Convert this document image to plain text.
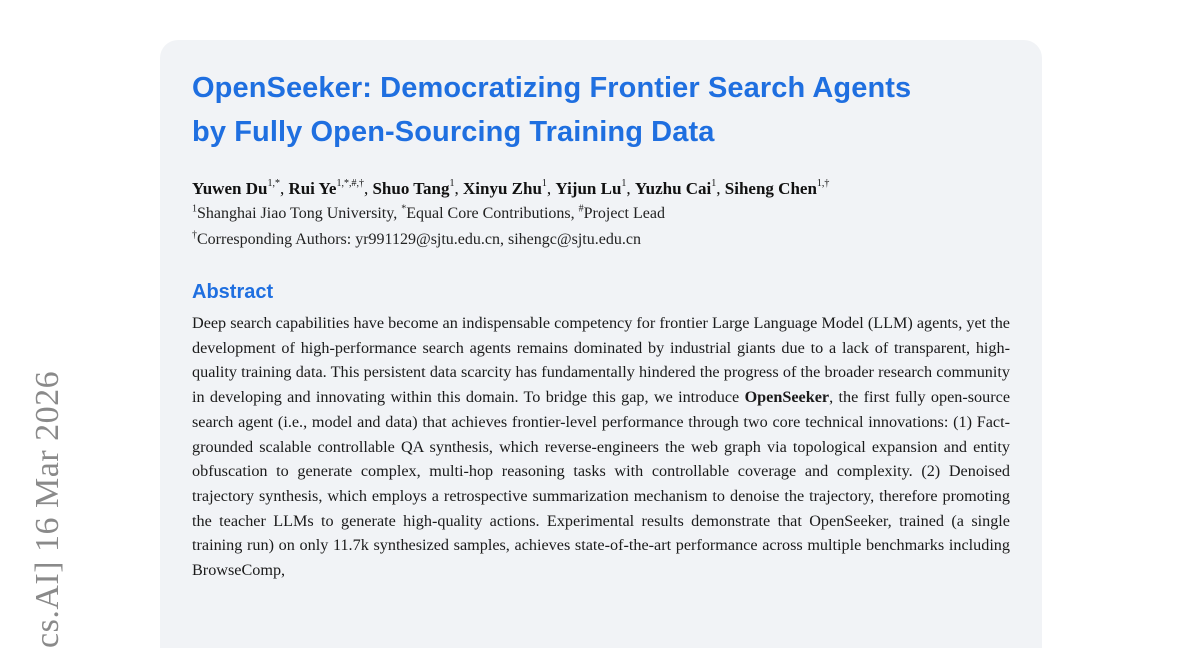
cs.AI] 16 Mar 2026
OpenSeeker: Democratizing Frontier Search Agents
by Fully Open-Sourcing Training Data
Yuwen $Du^{1,*}$, Rui $Ye^{1,*,\#,\dagger}$, Shuo Tang$^1$, Xinyu Zhu$^1$, Yijun Lu$^1$, Yuzhu Cai$^1$, Siheng Chen$^{1,\dagger}$
$^1$Shanghai Jiao Tong University, *Equal Core Contributions, #Project Lead
†Corresponding Authors: yr991129@sjtu.edu.cn, sihengc@sjtu.edu.cn
Abstract

Deep search capabilities have become an indispensable competency for frontier Large Language Model (LLM) agents, yet the development of high-performance search agents remains dominated by industrial giants due to a lack of transparent, high-quality training data. This persistent data scarcity has fundamentally hindered the progress of the broader research community in developing and innovating within this domain. To bridge this gap, we introduce OpenSeeker, the first fully open-source search agent (i.e., model and data) that achieves frontier-level performance through two core technical innovations: (1) Fact-grounded scalable controllable QA synthesis, which reverse-engineers the web graph via topological expansion and entity obfuscation to generate complex, multi-hop reasoning tasks with controllable coverage and complexity. (2) Denoised trajectory synthesis, which employs a retrospective summarization mechanism to denoise the trajectory, therefore promoting the teacher LLMs to generate high-quality actions. Experimental results demonstrate that OpenSeeker, trained (a single training run) on only 11.7k synthesized samples, achieves state-of-the-art performance across multiple benchmarks including BrowseComp,
